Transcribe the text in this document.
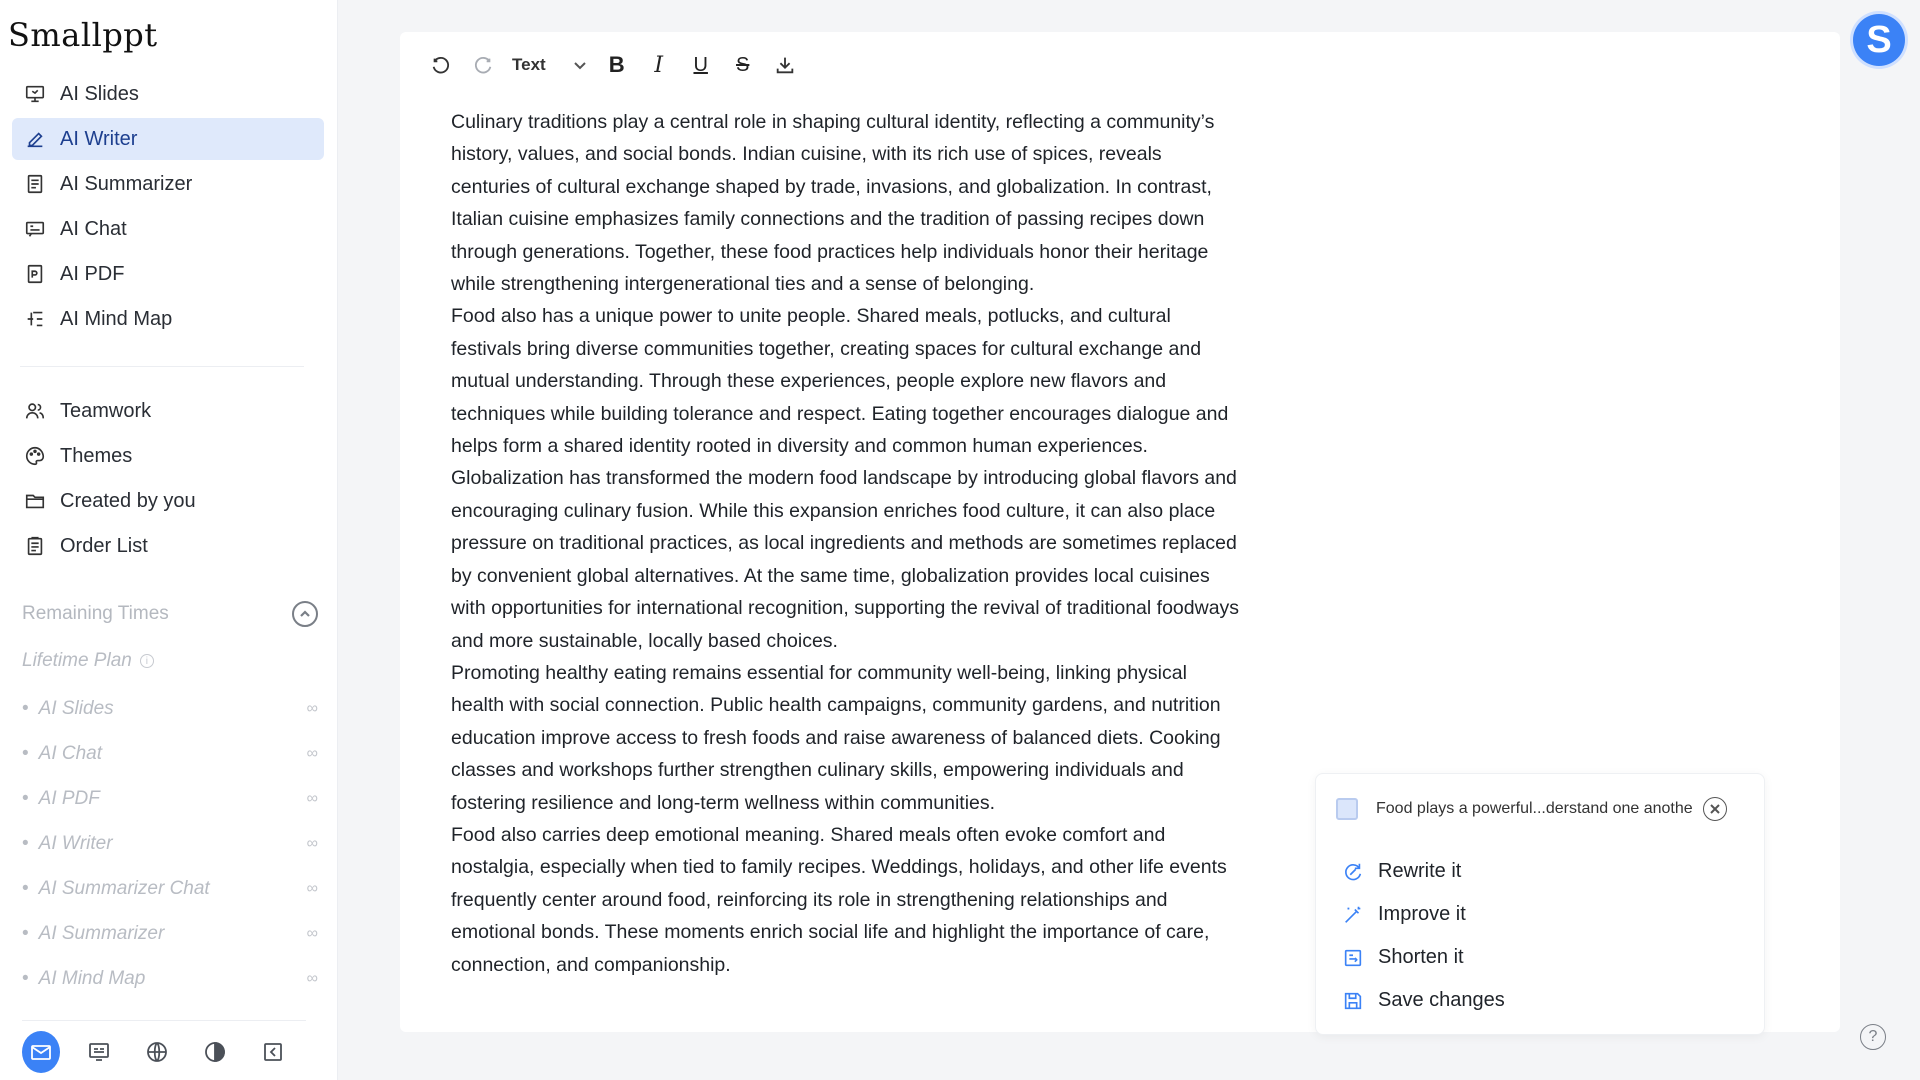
Smallppt
AI Slides
AI Writer
AI Summarizer
AI Chat
AI PDF
AI Mind Map
Teamwork
Themes
Created by you
Order List
Remaining Times
Lifetime Plan	i
• AI Slides	∞
• AI Chat	∞
• AI PDF	∞
• AI Writer	∞
• AI Summarizer Chat	∞
• AI Summarizer	∞
• AI Mind Map	∞
Text	B	I	U	S

Culinary traditions play a central role in shaping cultural identity, reflecting a community’s history, values, and social bonds. Indian cuisine, with its rich use of spices, reveals centuries of cultural exchange shaped by trade, invasions, and globalization. In contrast, Italian cuisine emphasizes family connections and the tradition of passing recipes down through generations. Together, these food practices help individuals honor their heritage while strengthening intergenerational ties and a sense of belonging.

Food also has a unique power to unite people. Shared meals, potlucks, and cultural festivals bring diverse communities together, creating spaces for cultural exchange and mutual understanding. Through these experiences, people explore new flavors and techniques while building tolerance and respect. Eating together encourages dialogue and helps form a shared identity rooted in diversity and common human experiences.

Globalization has transformed the modern food landscape by introducing global flavors and encouraging culinary fusion. While this expansion enriches food culture, it can also place pressure on traditional practices, as local ingredients and methods are sometimes replaced by convenient global alternatives. At the same time, globalization provides local cuisines with opportunities for international recognition, supporting the revival of traditional foodways and more sustainable, locally based choices.

Promoting healthy eating remains essential for community well-being, linking physical health with social connection. Public health campaigns, community gardens, and nutrition education improve access to fresh foods and raise awareness of balanced diets. Cooking classes and workshops further strengthen culinary skills, empowering individuals and fostering resilience and long-term wellness within communities.

Food also carries deep emotional meaning. Shared meals often evoke comfort and nostalgia, especially when tied to family recipes. Weddings, holidays, and other life events frequently center around food, reinforcing its role in strengthening relationships and emotional bonds. These moments enrich social life and highlight the importance of care, connection, and companionship.

Food plays a powerful...derstand one anothe
Rewrite it
Improve it
Shorten it
Save changes
S
?
